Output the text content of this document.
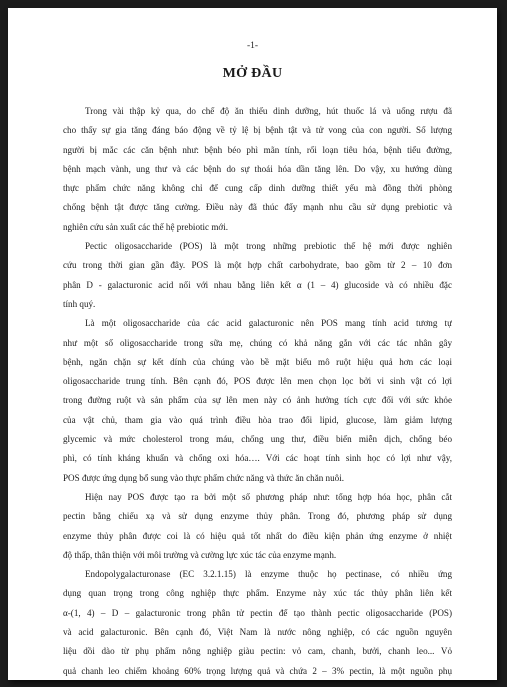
-1-
MỞ ĐẦU
Trong vài thập kỷ qua, do chế độ ăn thiếu dinh dưỡng, hút thuốc lá và uống rượu đã
cho thấy sự gia tăng đáng báo động về tỷ lệ bị bệnh tật và tử vong của con người. Số lượng
người bị mắc các căn bệnh như: bệnh béo phì mãn tính, rối loạn tiêu hóa, bệnh tiểu đường,
bệnh mạch vành, ung thư và các bệnh do sự thoái hóa dần tăng lên. Do vậy, xu hướng dùng
thực phẩm chức năng không chỉ để cung cấp dinh dưỡng thiết yếu mà đồng thời phòng
chống bệnh tật được tăng cường. Điều này đã thúc đẩy mạnh nhu cầu sử dụng prebiotic và
nghiên cứu sản xuất các thế hệ prebiotic mới.
Pectic oligosaccharide (POS) là một trong những prebiotic thế hệ mới được nghiên
cứu trong thời gian gần đây. POS là một hợp chất carbohydrate, bao gồm từ 2 – 10 đơn
phân D - galacturonic acid nối với nhau bằng liên kết α (1 – 4) glucoside và có nhiều đặc
tính quý.
Là một oligosaccharide của các acid galacturonic nên POS mang tính acid tương tự
như một số oligosaccharide trong sữa mẹ, chúng có khả năng gắn với các tác nhân gây
bệnh, ngăn chặn sự kết dính của chúng vào bề mặt biểu mô ruột hiệu quả hơn các loại
oligosaccharide trung tính. Bên cạnh đó, POS được lên men chọn lọc bởi vi sinh vật có lợi
trong đường ruột và sản phẩm của sự lên men này có ảnh hưởng tích cực đối với sức khỏe
của vật chủ, tham gia vào quá trình điều hòa trao đổi lipid, glucose, làm giảm lượng
glycemic và mức cholesterol trong máu, chống ung thư, điều biến miễn dịch, chống béo
phì, có tính kháng khuẩn và chống oxi hóa…. Với các hoạt tính sinh học có lợi như vậy,
POS được ứng dụng bổ sung vào thực phẩm chức năng và thức ăn chăn nuôi.
Hiện nay POS được tạo ra bởi một số phương pháp như: tổng hợp hóa học, phân cắt
pectin bằng chiếu xạ và sử dụng enzyme thủy phân. Trong đó, phương pháp sử dụng
enzyme thủy phân được coi là có hiệu quả tốt nhất do điều kiện phản ứng enzyme ở nhiệt
độ thấp, thân thiện với môi trường và cường lực xúc tác của enzyme mạnh.
Endopolygalacturonase (EC 3.2.1.15) là enzyme thuộc họ pectinase, có nhiều ứng
dụng quan trọng trong công nghiệp thực phẩm. Enzyme này xúc tác thủy phân liên kết
α-(1, 4) – D – galacturonic trong phân tử pectin để tạo thành pectic oligosaccharide (POS)
và acid galacturonic. Bên cạnh đó, Việt Nam là nước nông nghiệp, có các nguồn nguyên
liệu dồi dào từ phụ phẩm nông nghiệp giàu pectin: vỏ cam, chanh, bưởi, chanh leo... Vỏ
quả chanh leo chiếm khoảng 60% trọng lượng quả và chứa 2 – 3% pectin, là một nguồn phụ
